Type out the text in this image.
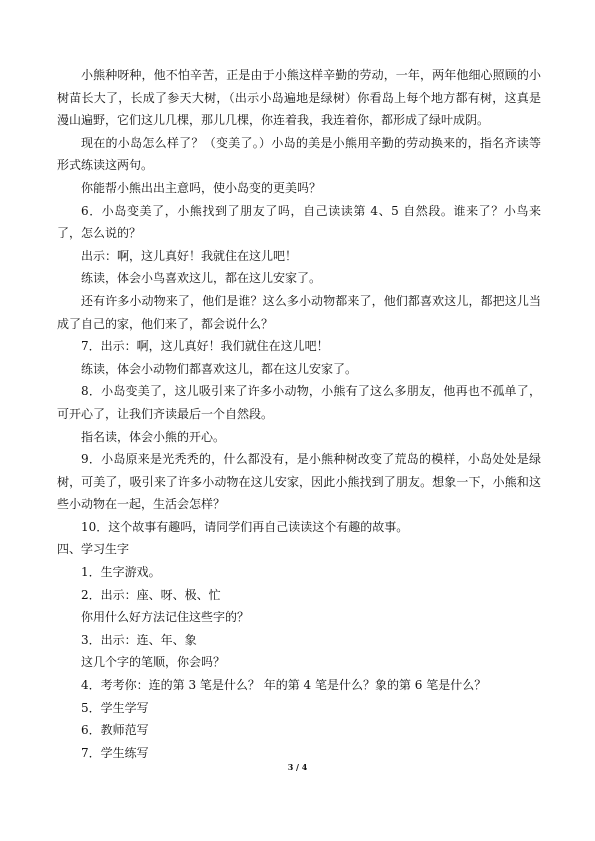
小熊种呀种，他不怕辛苦，正是由于小熊这样辛勤的劳动，一年，两年他细心照顾的小树苗长大了，长成了参天大树，（出示小岛遍地是绿树）你看岛上每个地方都有树，这真是漫山遍野，它们这儿几棵，那儿几棵，你连着我，我连着你，都形成了绿叶成阴。

现在的小岛怎么样了？（变美了。）小岛的美是小熊用辛勤的劳动换来的，指名齐读等形式练读这两句。

你能帮小熊出出主意吗，使小岛变的更美吗？

6．小岛变美了，小熊找到了朋友了吗，自己读读第 4、5 自然段。谁来了？小鸟来了，怎么说的？

出示：啊，这儿真好！我就住在这儿吧！

练读，体会小鸟喜欢这儿，都在这儿安家了。

还有许多小动物来了，他们是谁？这么多小动物都来了，他们都喜欢这儿，都把这儿当成了自己的家，他们来了，都会说什么？

7．出示：啊，这儿真好！我们就住在这儿吧！

练读，体会小动物们都喜欢这儿，都在这儿安家了。

8．小岛变美了，这儿吸引来了许多小动物，小熊有了这么多朋友，他再也不孤单了，可开心了，让我们齐读最后一个自然段。

指名读，体会小熊的开心。

9．小岛原来是光秃秃的，什么都没有，是小熊种树改变了荒岛的模样，小岛处处是绿树，可美了，吸引来了许多小动物在这儿安家，因此小熊找到了朋友。想象一下，小熊和这些小动物在一起，生活会怎样？

10．这个故事有趣吗，请同学们再自己读读这个有趣的故事。

四、学习生字

1．生字游戏。

2．出示：座、呀、极、忙

你用什么好方法记住这些字的？

3．出示：连、年、象

这几个字的笔顺，你会吗？

4．考考你：连的第 3 笔是什么？ 年的第 4 笔是什么？象的第 6 笔是什么？

5．学生学写

6．教师范写

7．学生练写

3 / 4
